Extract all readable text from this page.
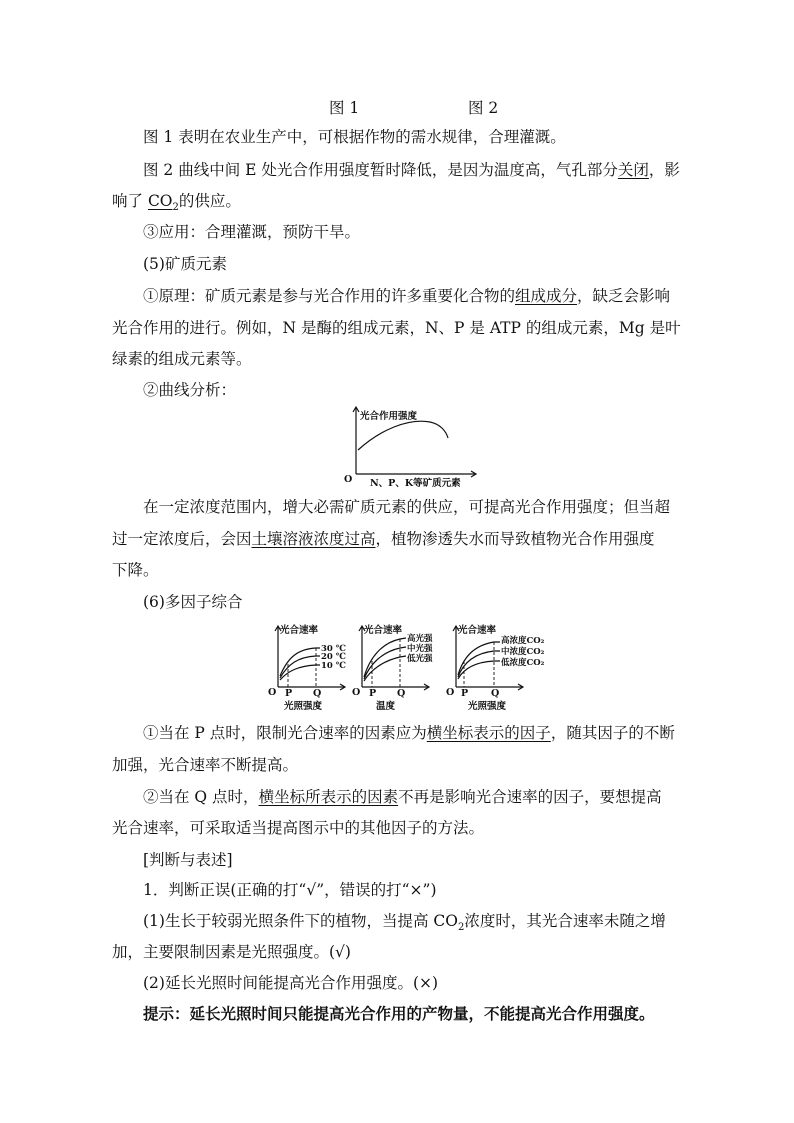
图 1	图 2
图 1 表明在农业生产中，可根据作物的需水规律，合理灌溉。
图 2 曲线中间 E 处光合作用强度暂时降低，是因为温度高，气孔部分关闭，影
响了 $CO_2$的供应。
③应用：合理灌溉，预防干旱。
(5)矿质元素
①原理：矿质元素是参与光合作用的许多重要化合物的组成成分，缺乏会影响
光合作用的进行。例如，N 是酶的组成元素，N、P 是 ATP 的组成元素，Mg 是叶
绿素的组成元素等。
②曲线分析：
光合作用强度
O N、P、K等矿质元素
在一定浓度范围内，增大必需矿质元素的供应，可提高光合作用强度；但当超
过一定浓度后，会因土壤溶液浓度过高，植物渗透失水而导致植物光合作用强度
下降。
(6)多因子综合
光合速率
30 ℃
20 ℃
10 ℃
O P Q
光照强度
光合速率
高光强
中光强
低光强
O P Q
温度
光合速率
高浓度CO₂
中浓度CO₂
低浓度CO₂
O P Q
光照强度
①当在 P 点时，限制光合速率的因素应为横坐标表示的因子，随其因子的不断
加强，光合速率不断提高。
②当在 Q 点时，横坐标所表示的因素不再是影响光合速率的因子，要想提高
光合速率，可采取适当提高图示中的其他因子的方法。
[判断与表述]
1．判断正误(正确的打“√”，错误的打“×”)
(1)生长于较弱光照条件下的植物，当提高 $CO_2$浓度时，其光合速率未随之增
加，主要限制因素是光照强度。(√)
(2)延长光照时间能提高光合作用强度。(×)
提示：延长光照时间只能提高光合作用的产物量，不能提高光合作用强度。
